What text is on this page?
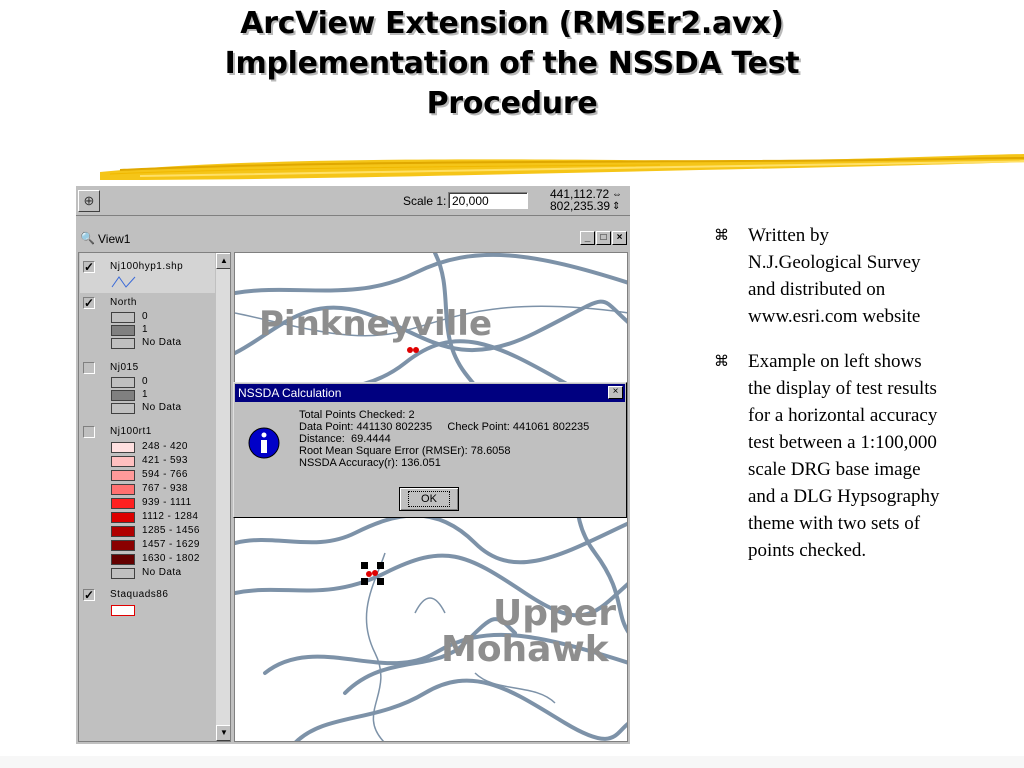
ArcView Extension (RMSEr2.avx)
Implementation of the NSSDA Test
Procedure
⊕	Scale 1: 20,000	441,112.72
802,235.39
⇔
⇕
🔍 View1	_ □ ×
✓ Nj100hyp1.shp
✓ North
0
1
No Data
Nj015
0
1
No Data
Nj100rt1
248 - 420
421 - 593
594 - 766
767 - 938
939 - 1111
1112 - 1284
1285 - 1456
1457 - 1629
1630 - 1802
No Data
✓ Staquads86
▲
▼
Pinkneyville
Upper
Mohawk
NSSDA Calculation	×
Total Points Checked: 2
Data Point: 441130 802235     Check Point: 441061 802235
Distance:  69.4444
Root Mean Square Error (RMSEr): 78.6058
NSSDA Accuracy(r): 136.051
OK
⌘ Written by N.J.Geological Survey and distributed on www.esri.com website
⌘ Example on left shows the display of test results for a horizontal accuracy test between a 1:100,000 scale DRG base image and a DLG Hypsography theme with two sets of points checked.
